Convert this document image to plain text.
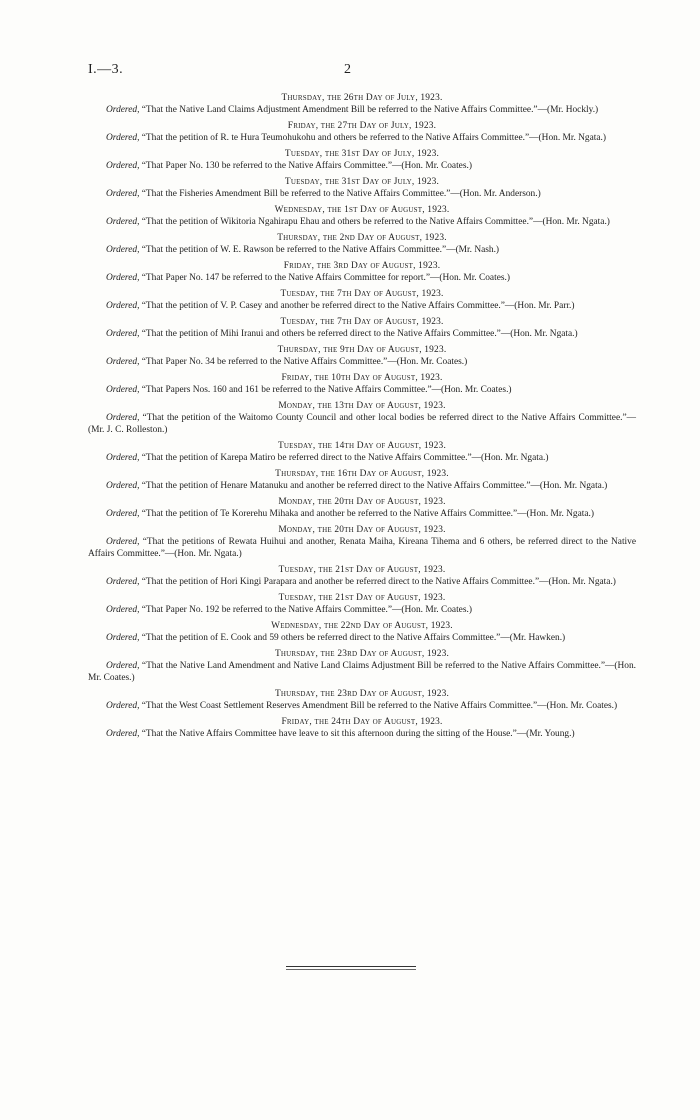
I.—3.	2
Thursday, the 26th Day of July, 1923.
Ordered, “That the Native Land Claims Adjustment Amendment Bill be referred to the Native Affairs Committee.”—(Mr. Hockly.)
Friday, the 27th Day of July, 1923.
Ordered, “That the petition of R. te Hura Teumohukohu and others be referred to the Native Affairs Committee.”—(Hon. Mr. Ngata.)
Tuesday, the 31st Day of July, 1923.
Ordered, “That Paper No. 130 be referred to the Native Affairs Committee.”—(Hon. Mr. Coates.)
Tuesday, the 31st Day of July, 1923.
Ordered, “That the Fisheries Amendment Bill be referred to the Native Affairs Committee.”—(Hon. Mr. Anderson.)
Wednesday, the 1st Day of August, 1923.
Ordered, “That the petition of Wikitoria Ngahirapu Ehau and others be referred to the Native Affairs Committee.”—(Hon. Mr. Ngata.)
Thursday, the 2nd Day of August, 1923.
Ordered, “That the petition of W. E. Rawson be referred to the Native Affairs Committee.”—(Mr. Nash.)
Friday, the 3rd Day of August, 1923.
Ordered, “That Paper No. 147 be referred to the Native Affairs Committee for report.”—(Hon. Mr. Coates.)
Tuesday, the 7th Day of August, 1923.
Ordered, “That the petition of V. P. Casey and another be referred direct to the Native Affairs Committee.”—(Hon. Mr. Parr.)
Tuesday, the 7th Day of August, 1923.
Ordered, “That the petition of Mihi Iranui and others be referred direct to the Native Affairs Committee.”—(Hon. Mr. Ngata.)
Thursday, the 9th Day of August, 1923.
Ordered, “That Paper No. 34 be referred to the Native Affairs Committee.”—(Hon. Mr. Coates.)
Friday, the 10th Day of August, 1923.
Ordered, “That Papers Nos. 160 and 161 be referred to the Native Affairs Committee.”—(Hon. Mr. Coates.)
Monday, the 13th Day of August, 1923.
Ordered, “That the petition of the Waitomo County Council and other local bodies be referred direct to the Native Affairs Committee.”—(Mr. J. C. Rolleston.)
Tuesday, the 14th Day of August, 1923.
Ordered, “That the petition of Karepa Matiro be referred direct to the Native Affairs Committee.”—(Hon. Mr. Ngata.)
Thursday, the 16th Day of August, 1923.
Ordered, “That the petition of Henare Matanuku and another be referred direct to the Native Affairs Committee.”—(Hon. Mr. Ngata.)
Monday, the 20th Day of August, 1923.
Ordered, “That the petition of Te Korerehu Mihaka and another be referred to the Native Affairs Committee.”—(Hon. Mr. Ngata.)
Monday, the 20th Day of August, 1923.
Ordered, “That the petitions of Rewata Huihui and another, Renata Maiha, Kireana Tihema and 6 others, be referred direct to the Native Affairs Committee.”—(Hon. Mr. Ngata.)
Tuesday, the 21st Day of August, 1923.
Ordered, “That the petition of Hori Kingi Parapara and another be referred direct to the Native Affairs Committee.”—(Hon. Mr. Ngata.)
Tuesday, the 21st Day of August, 1923.
Ordered, “That Paper No. 192 be referred to the Native Affairs Committee.”—(Hon. Mr. Coates.)
Wednesday, the 22nd Day of August, 1923.
Ordered, “That the petition of E. Cook and 59 others be referred direct to the Native Affairs Committee.”—(Mr. Hawken.)
Thursday, the 23rd Day of August, 1923.
Ordered, “That the Native Land Amendment and Native Land Claims Adjustment Bill be referred to the Native Affairs Committee.”—(Hon. Mr. Coates.)
Thursday, the 23rd Day of August, 1923.
Ordered, “That the West Coast Settlement Reserves Amendment Bill be referred to the Native Affairs Committee.”—(Hon. Mr. Coates.)
Friday, the 24th Day of August, 1923.
Ordered, “That the Native Affairs Committee have leave to sit this afternoon during the sitting of the House.”—(Mr. Young.)
